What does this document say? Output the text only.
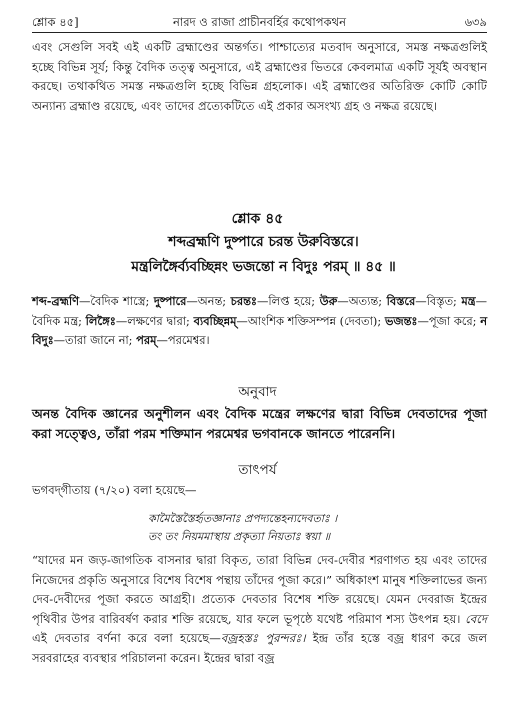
শ্লোক ৪৫]	নারদ ও রাজা প্রাচীনবর্হির কথোপকথন	৬৩৯

এবং সেগুলি সবই এই একটি ব্রহ্মাণ্ডের অন্তর্গত। পাশ্চাত্যের মতবাদ অনুসারে, সমস্ত নক্ষত্রগুলিই হচ্ছে বিভিন্ন সূর্য; কিন্তু বৈদিক তত্ত্ব অনুসারে, এই ব্রহ্মাণ্ডের ভিতরে কেবলমাত্র একটি সূর্যই অবস্থান করছে। তথাকথিত সমস্ত নক্ষত্রগুলি হচ্ছে বিভিন্ন গ্রহলোক। এই ব্রহ্মাণ্ডের অতিরিক্ত কোটি কোটি অন্যান্য ব্রহ্মাণ্ড রয়েছে, এবং তাদের প্রত্যেকটিতে এই প্রকার অসংখ্য গ্রহ ও নক্ষত্র রয়েছে।

শ্লোক ৪৫

শব্দব্রহ্মণি দুষ্পারে চরন্ত উরুবিস্তরে।

মন্ত্রলিঙ্গৈর্ব্যবচ্ছিন্নং ভজন্তো ন বিদুঃ পরম্ ॥ ৪৫ ॥

শব্দ-ব্রহ্মণি—বৈদিক শাস্ত্রে; দুষ্পারে—অনন্ত; চরন্তঃ—লিপ্ত হয়ে; উরু—অত্যন্ত; বিস্তরে—বিস্তৃত; মন্ত্র—বৈদিক মন্ত্র; লিঙ্গৈঃ—লক্ষণের দ্বারা; ব্যবচ্ছিন্নম্—আংশিক শক্তিসম্পন্ন (দেবতা); ভজন্তঃ—পূজা করে; ন বিদুঃ—তারা জানে না; পরম্—পরমেশ্বর।

অনুবাদ

অনন্ত বৈদিক জ্ঞানের অনুশীলন এবং বৈদিক মন্ত্রের লক্ষণের দ্বারা বিভিন্ন দেবতাদের পূজা করা সত্ত্বেও, তাঁরা পরম শক্তিমান পরমেশ্বর ভগবানকে জানতে পারেননি।

তাৎপর্য

ভগবদ্‌গীতায় (৭/২০) বলা হয়েছে—

কামৈস্তৈস্তৈর্হৃতজ্ঞানাঃ প্রপদ্যন্তেহন্যদেবতাঃ ।
তং তং নিয়মমাস্থায় প্রকৃত্যা নিয়তাঃ স্বয়া ॥

“যাদের মন জড়-জাগতিক বাসনার দ্বারা বিকৃত, তারা বিভিন্ন দেব-দেবীর শরণাগত হয় এবং তাদের নিজেদের প্রকৃতি অনুসারে বিশেষ বিশেষ পন্থায় তাঁদের পূজা করে।” অধিকাংশ মানুষ শক্তিলাভের জন্য দেব-দেবীদের পূজা করতে আগ্রহী। প্রত্যেক দেবতার বিশেষ শক্তি রয়েছে। যেমন দেবরাজ ইন্দ্রের পৃথিবীর উপর বারিবর্ষণ করার শক্তি রয়েছে, যার ফলে ভূপৃষ্ঠে যথেষ্ট পরিমাণ শস্য উৎপন্ন হয়। বেদে এই দেবতার বর্ণনা করে বলা হয়েছে—বজ্রহস্তঃ পুরন্দরঃ। ইন্দ্র তাঁর হস্তে বজ্র ধারণ করে জল সরবরাহের ব্যবস্থার পরিচালনা করেন। ইন্দ্রের দ্বারা বজ্র
